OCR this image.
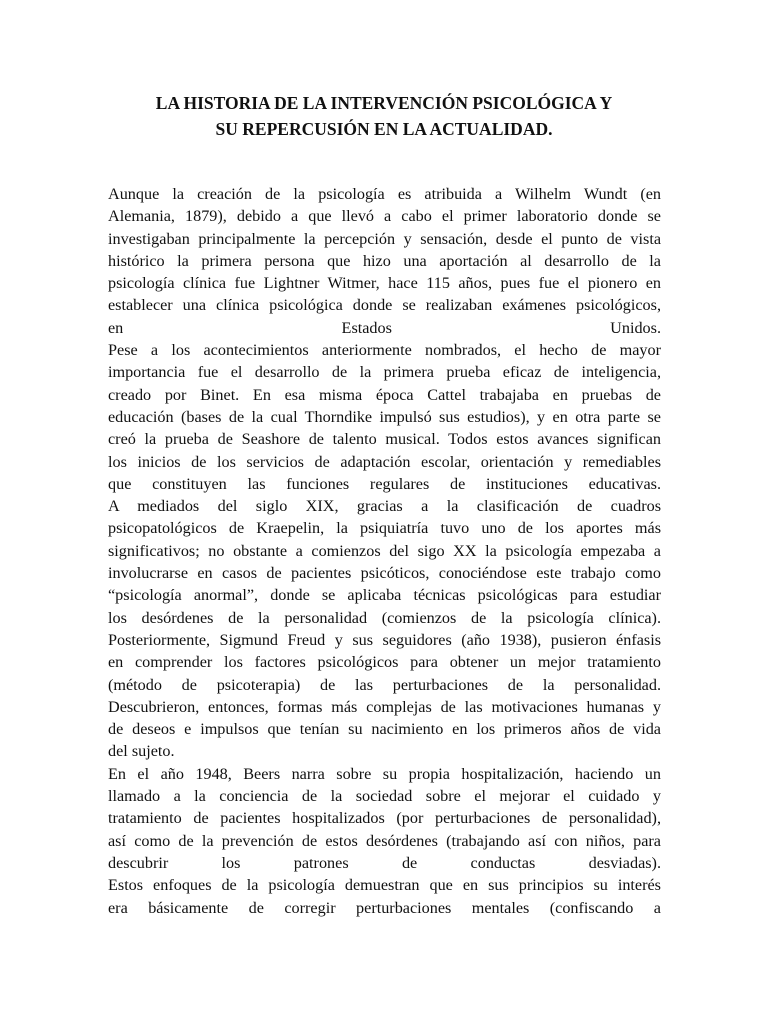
LA HISTORIA DE LA INTERVENCIÓN PSICOLÓGICA Y
SU REPERCUSIÓN EN LA ACTUALIDAD.
Aunque la creación de la psicología es atribuida a Wilhelm Wundt (en
Alemania, 1879), debido a que llevó a cabo el primer laboratorio donde se
investigaban principalmente la percepción y sensación, desde el punto de vista
histórico la primera persona que hizo una aportación al desarrollo de la
psicología clínica fue Lightner Witmer, hace 115 años, pues fue el pionero en
establecer una clínica psicológica donde se realizaban exámenes psicológicos,
en Estados Unidos.
Pese a los acontecimientos anteriormente nombrados, el hecho de mayor
importancia fue el desarrollo de la primera prueba eficaz de inteligencia,
creado por Binet. En esa misma época Cattel trabajaba en pruebas de
educación (bases de la cual Thorndike impulsó sus estudios), y en otra parte se
creó la prueba de Seashore de talento musical. Todos estos avances significan
los inicios de los servicios de adaptación escolar, orientación y remediables
que constituyen las funciones regulares de instituciones educativas.
A mediados del siglo XIX, gracias a la clasificación de cuadros
psicopatológicos de Kraepelin, la psiquiatría tuvo uno de los aportes más
significativos; no obstante a comienzos del sigo XX la psicología empezaba a
involucrarse en casos de pacientes psicóticos, conociéndose este trabajo como
“psicología anormal”, donde se aplicaba técnicas psicológicas para estudiar
los desórdenes de la personalidad (comienzos de la psicología clínica).
Posteriormente, Sigmund Freud y sus seguidores (año 1938), pusieron énfasis
en comprender los factores psicológicos para obtener un mejor tratamiento
(método de psicoterapia) de las perturbaciones de la personalidad.
Descubrieron, entonces, formas más complejas de las motivaciones humanas y
de deseos e impulsos que tenían su nacimiento en los primeros años de vida
del sujeto.
En el año 1948, Beers narra sobre su propia hospitalización, haciendo un
llamado a la conciencia de la sociedad sobre el mejorar el cuidado y
tratamiento de pacientes hospitalizados (por perturbaciones de personalidad),
así como de la prevención de estos desórdenes (trabajando así con niños, para
descubrir los patrones de conductas desviadas).
Estos enfoques de la psicología demuestran que en sus principios su interés
era básicamente de corregir perturbaciones mentales (confiscando a
